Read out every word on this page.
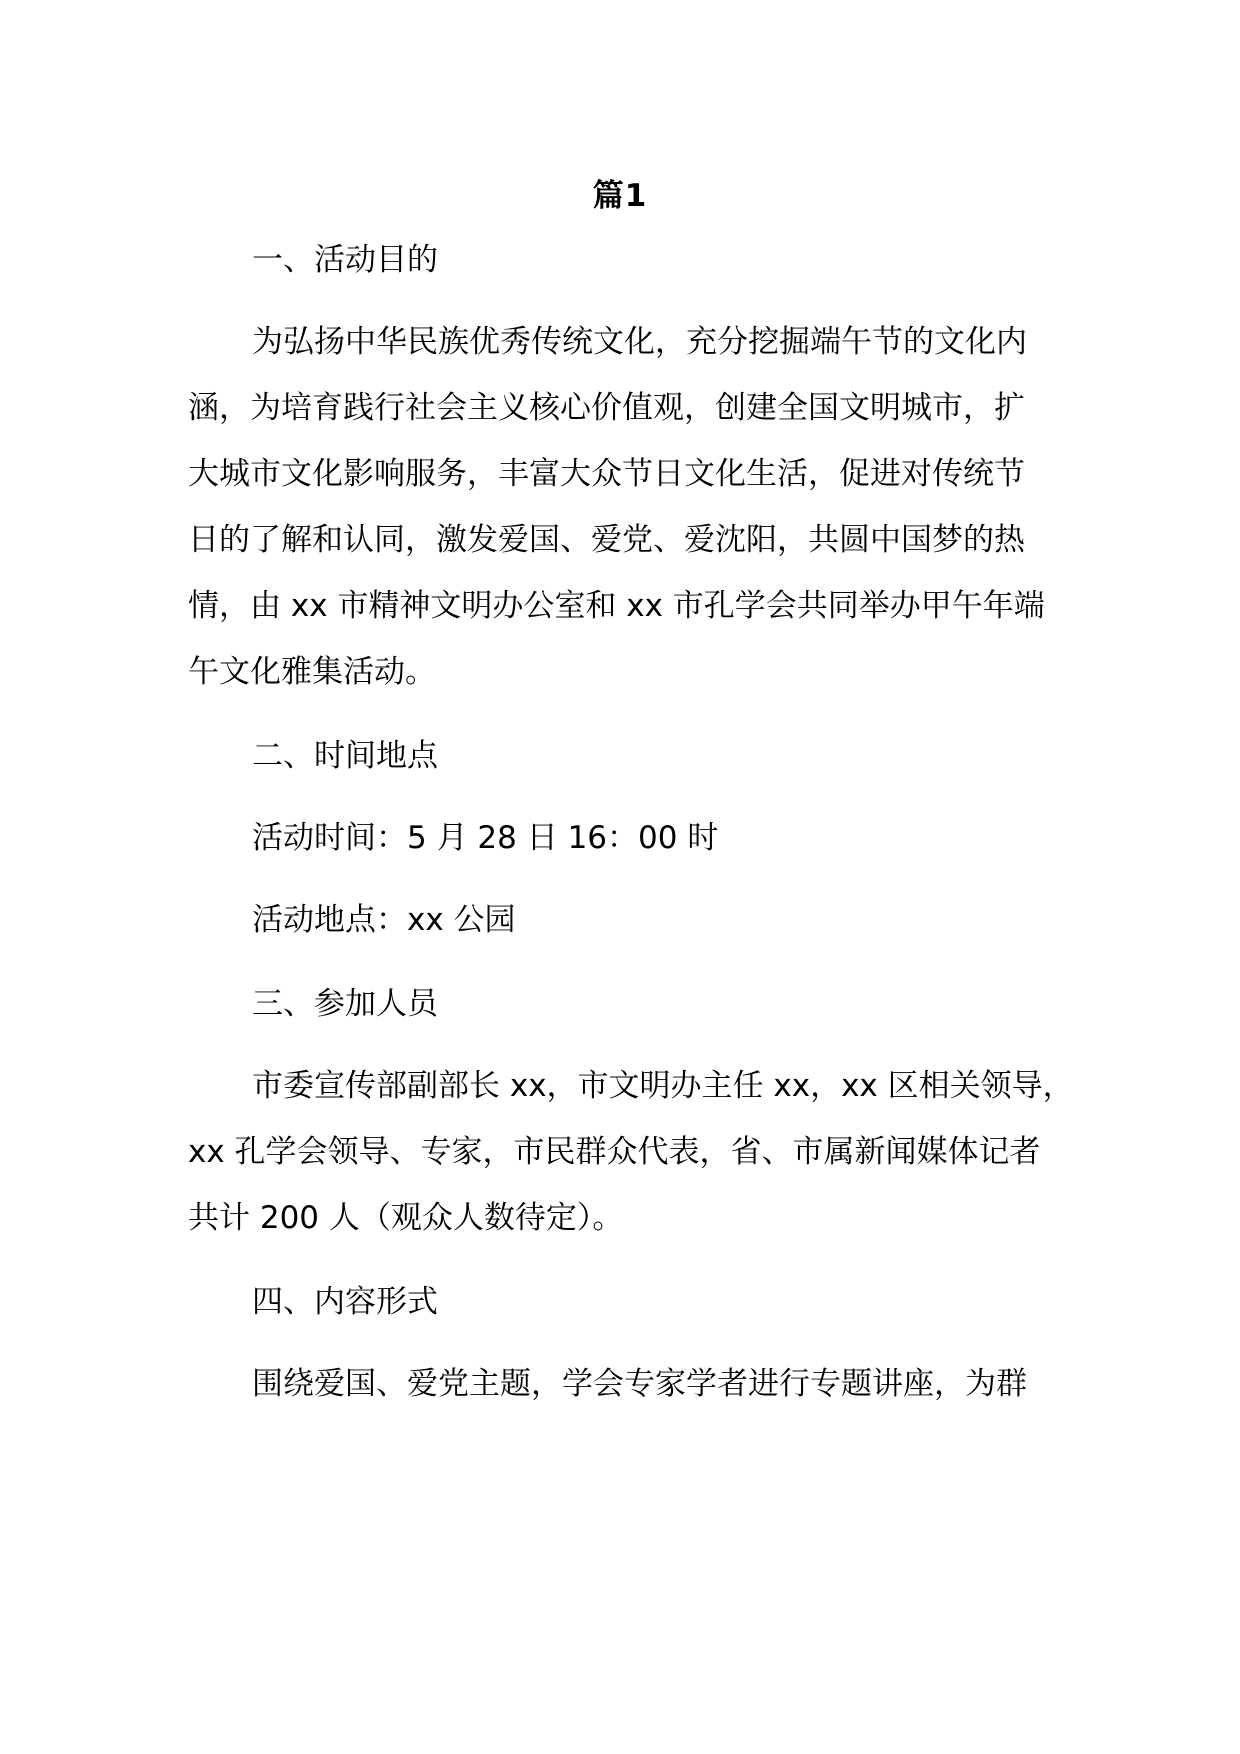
篇1
一、活动目的
为弘扬中华民族优秀传统文化，充分挖掘端午节的文化内
涵，为培育践行社会主义核心价值观，创建全国文明城市，扩
大城市文化影响服务，丰富大众节日文化生活，促进对传统节
日的了解和认同，激发爱国、爱党、爱沈阳，共圆中国梦的热
情，由 xx 市精神文明办公室和 xx 市孔学会共同举办甲午年端
午文化雅集活动。
二、时间地点
活动时间：5 月 28 日 16：00 时
活动地点：xx 公园
三、参加人员
市委宣传部副部长 xx，市文明办主任 xx，xx 区相关领导，
xx 孔学会领导、专家，市民群众代表，省、市属新闻媒体记者
共计 200 人（观众人数待定）。
四、内容形式
围绕爱国、爱党主题，学会专家学者进行专题讲座，为群
